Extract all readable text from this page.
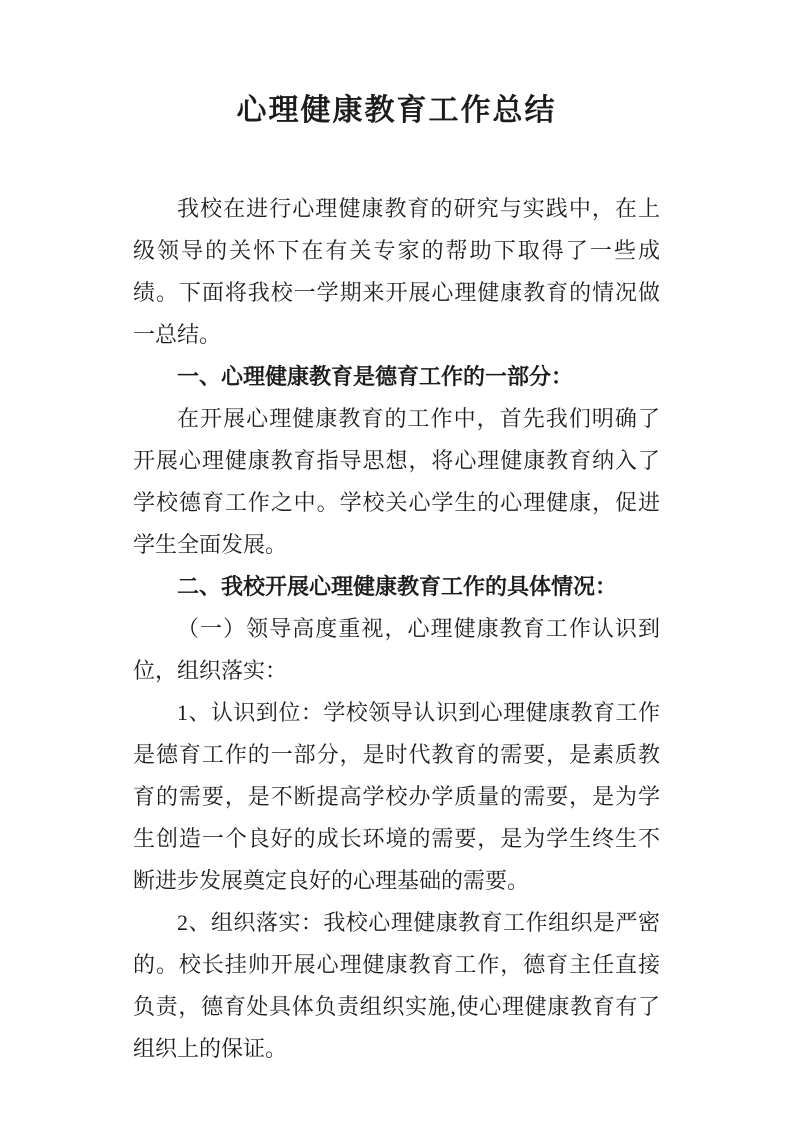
心理健康教育工作总结

我校在进行心理健康教育的研究与实践中，在上级领导的关怀下在有关专家的帮助下取得了一些成绩。下面将我校一学期来开展心理健康教育的情况做一总结。

一、心理健康教育是德育工作的一部分：

在开展心理健康教育的工作中，首先我们明确了开展心理健康教育指导思想，将心理健康教育纳入了学校德育工作之中。学校关心学生的心理健康，促进学生全面发展。

二、我校开展心理健康教育工作的具体情况：

（一）领导高度重视，心理健康教育工作认识到位，组织落实：

1、认识到位：学校领导认识到心理健康教育工作是德育工作的一部分，是时代教育的需要，是素质教育的需要，是不断提高学校办学质量的需要，是为学生创造一个良好的成长环境的需要，是为学生终生不断进步发展奠定良好的心理基础的需要。

2、组织落实：我校心理健康教育工作组织是严密的。校长挂帅开展心理健康教育工作，德育主任直接负责，德育处具体负责组织实施,使心理健康教育有了组织上的保证。
